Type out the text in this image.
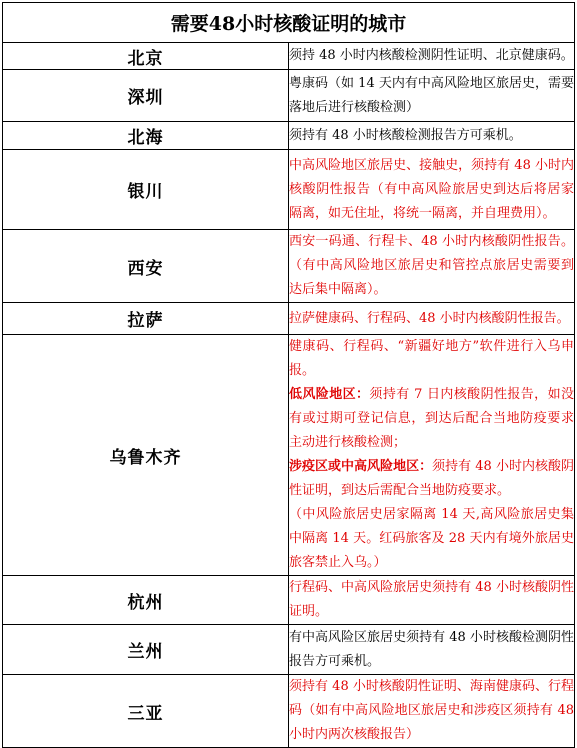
需要48小时核酸证明的城市	
北京	须持 48 小时内核酸检测阴性证明、北京健康码。
深圳	粤康码（如 14 天内有中高风险地区旅居史，需要落地后进行核酸检测）
北海	须持有 48 小时核酸检测报告方可乘机。
银川	中高风险地区旅居史、接触史，须持有 48 小时内核酸阴性报告（有中高风险旅居史到达后将居家隔离，如无住址，将统一隔离，并自理费用）。
西安	西安一码通、行程卡、48 小时内核酸阴性报告。（有中高风险地区旅居史和管控点旅居史需要到达后集中隔离）。
拉萨	拉萨健康码、行程码、48 小时内核酸阴性报告。
乌鲁木齐	健康码、行程码、“新疆好地方”软件进行入乌申报。
低风险地区：须持有 7 日内核酸阴性报告，如没有或过期可登记信息，到达后配合当地防疫要求主动进行核酸检测；
涉疫区或中高风险地区：须持有 48 小时内核酸阴性证明，到达后需配合当地防疫要求。
（中风险旅居史居家隔离 14 天,高风险旅居史集中隔离 14 天。红码旅客及 28 天内有境外旅居史旅客禁止入乌。）

杭州	行程码、中高风险旅居史须持有 48 小时核酸阴性证明。
兰州	有中高风险区旅居史须持有 48 小时核酸检测阴性报告方可乘机。
三亚	须持有 48 小时核酸阴性证明、海南健康码、行程码（如有中高风险地区旅居史和涉疫区须持有 48 小时内两次核酸报告）
